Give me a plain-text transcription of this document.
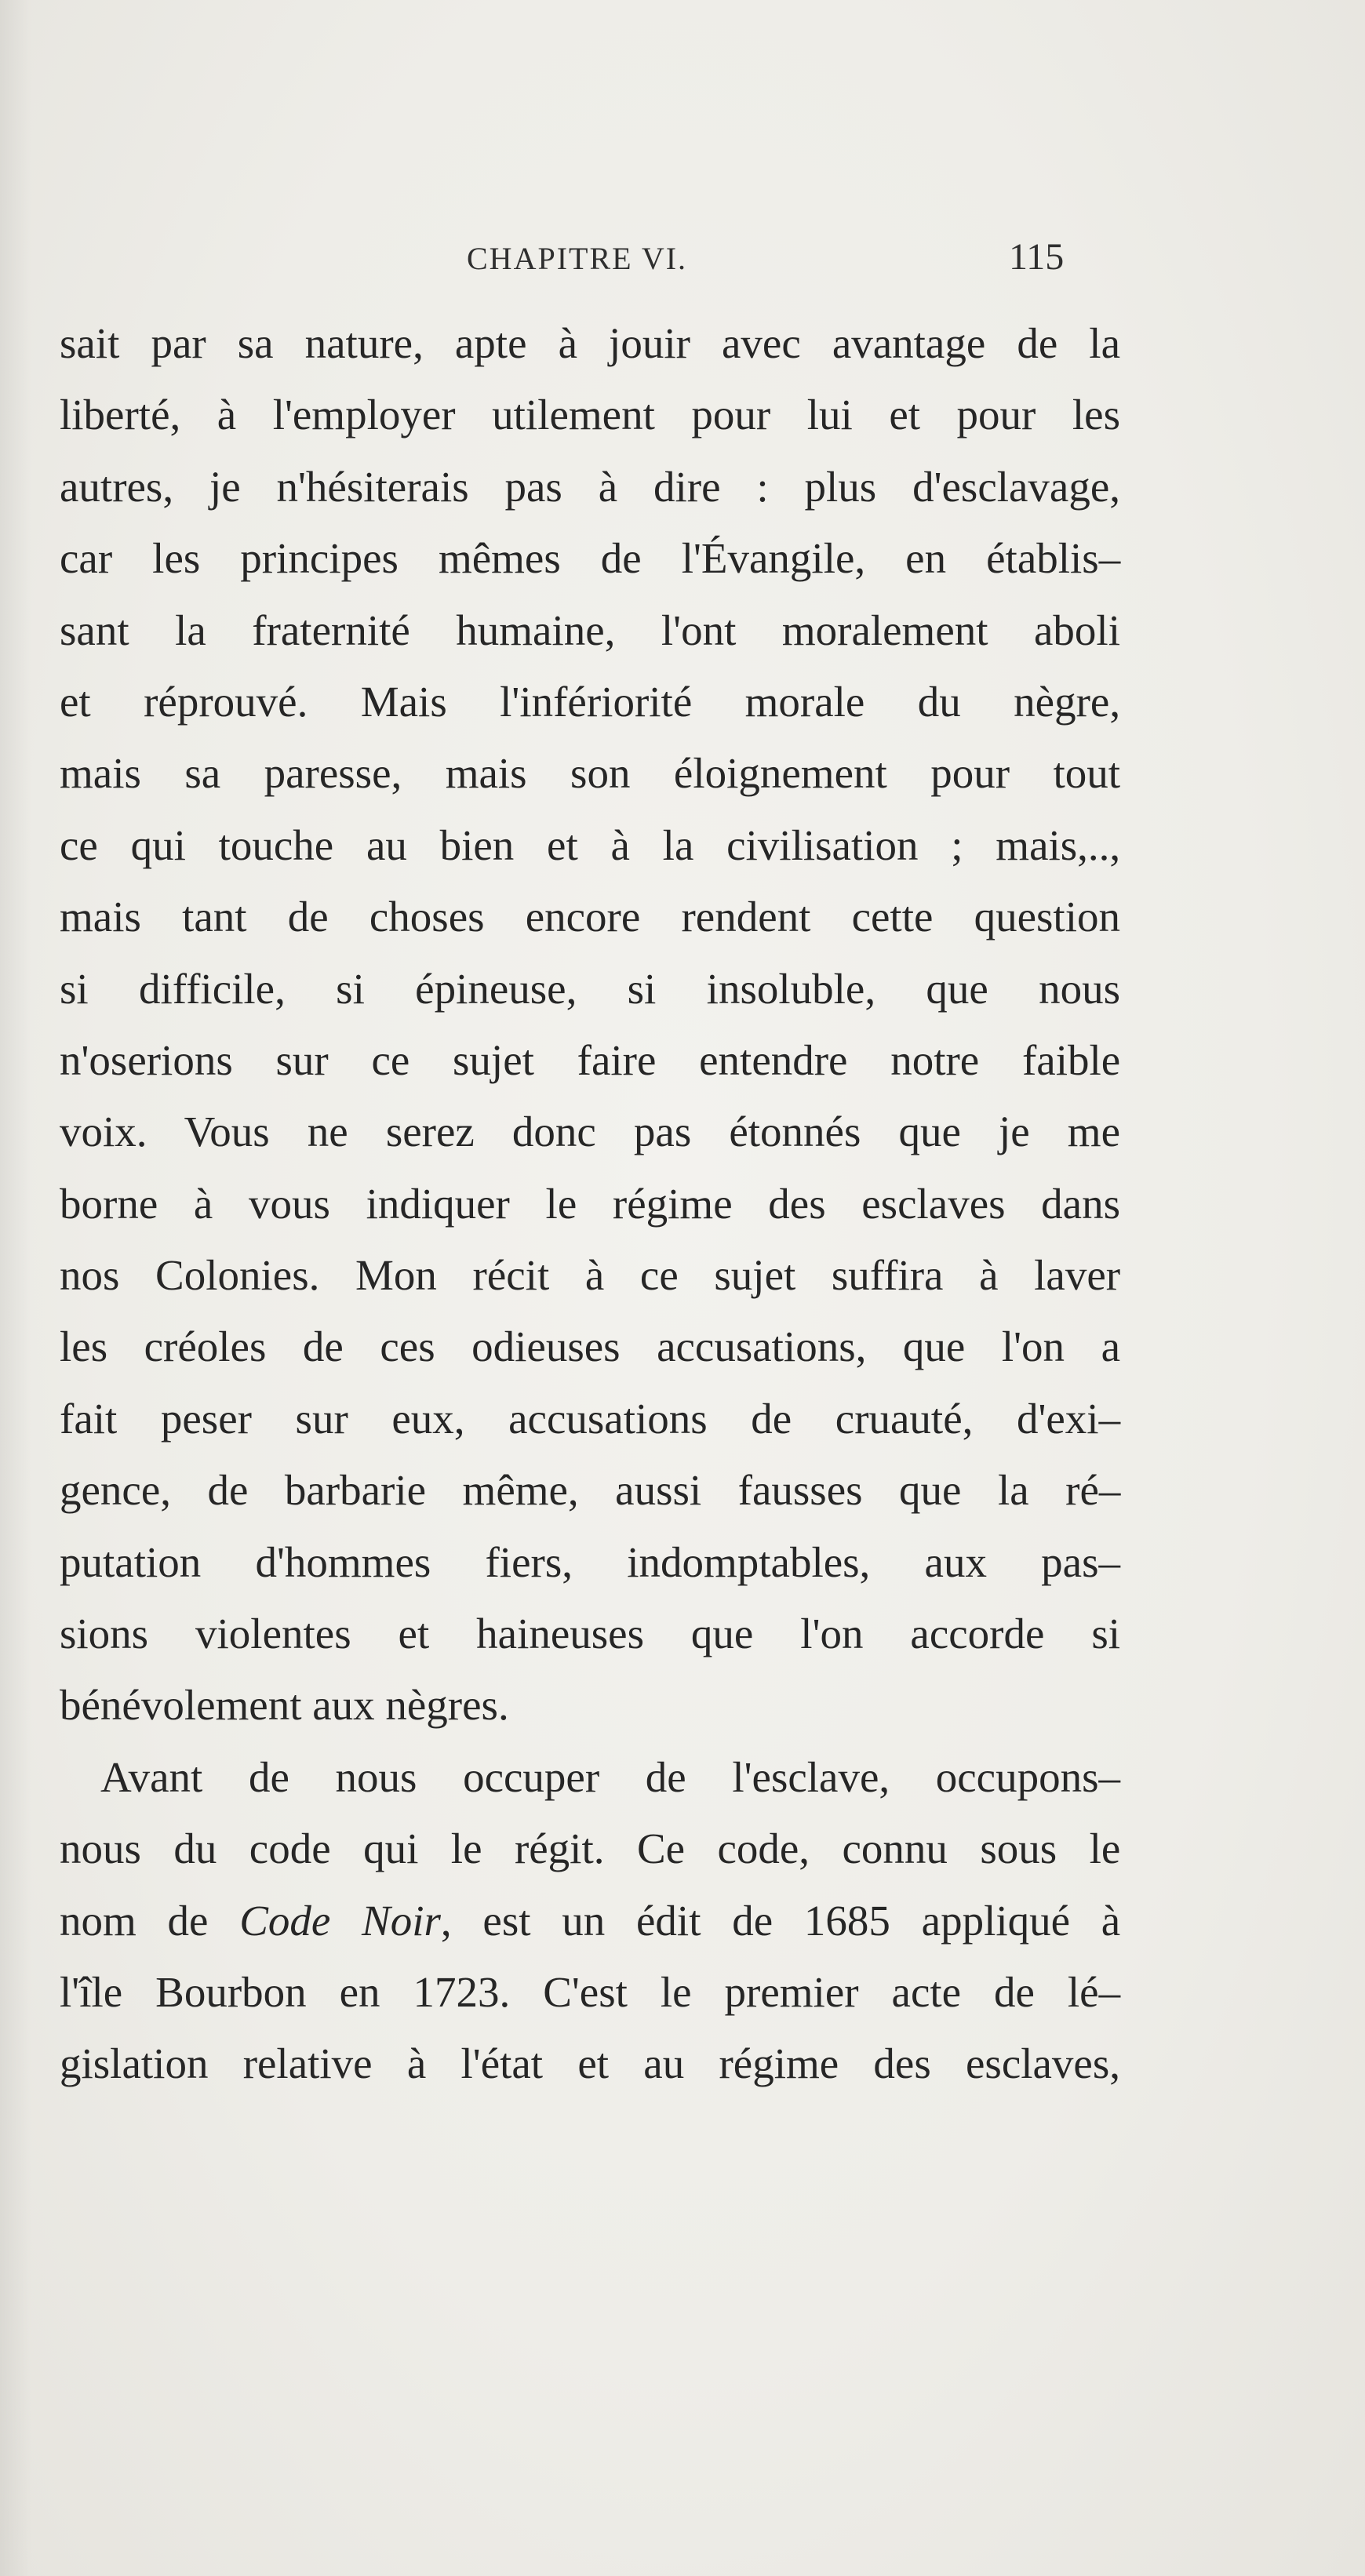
CHAPITRE VI.	115
sait par sa nature, apte à jouir avec avantage de la
liberté, à l'employer utilement pour lui et pour les
autres, je n'hésiterais pas à dire : plus d'esclavage,
car les principes mêmes de l'Évangile, en établis–
sant la fraternité humaine, l'ont moralement aboli
et réprouvé. Mais l'infériorité morale du nègre,
mais sa paresse, mais son éloignement pour tout
ce qui touche au bien et à la civilisation ; mais,..,
mais tant de choses encore rendent cette question
si difficile, si épineuse, si insoluble, que nous
n'oserions sur ce sujet faire entendre notre faible
voix. Vous ne serez donc pas étonnés que je me
borne à vous indiquer le régime des esclaves dans
nos Colonies. Mon récit à ce sujet suffira à laver
les créoles de ces odieuses accusations, que l'on a
fait peser sur eux, accusations de cruauté, d'exi–
gence, de barbarie même, aussi fausses que la ré–
putation d'hommes fiers, indomptables, aux pas–
sions violentes et haineuses que l'on accorde si
bénévolement aux nègres.
Avant de nous occuper de l'esclave, occupons–
nous du code qui le régit. Ce code, connu sous le
nom de Code Noir, est un édit de 1685 appliqué à
l'île Bourbon en 1723. C'est le premier acte de lé–
gislation relative à l'état et au régime des esclaves,
